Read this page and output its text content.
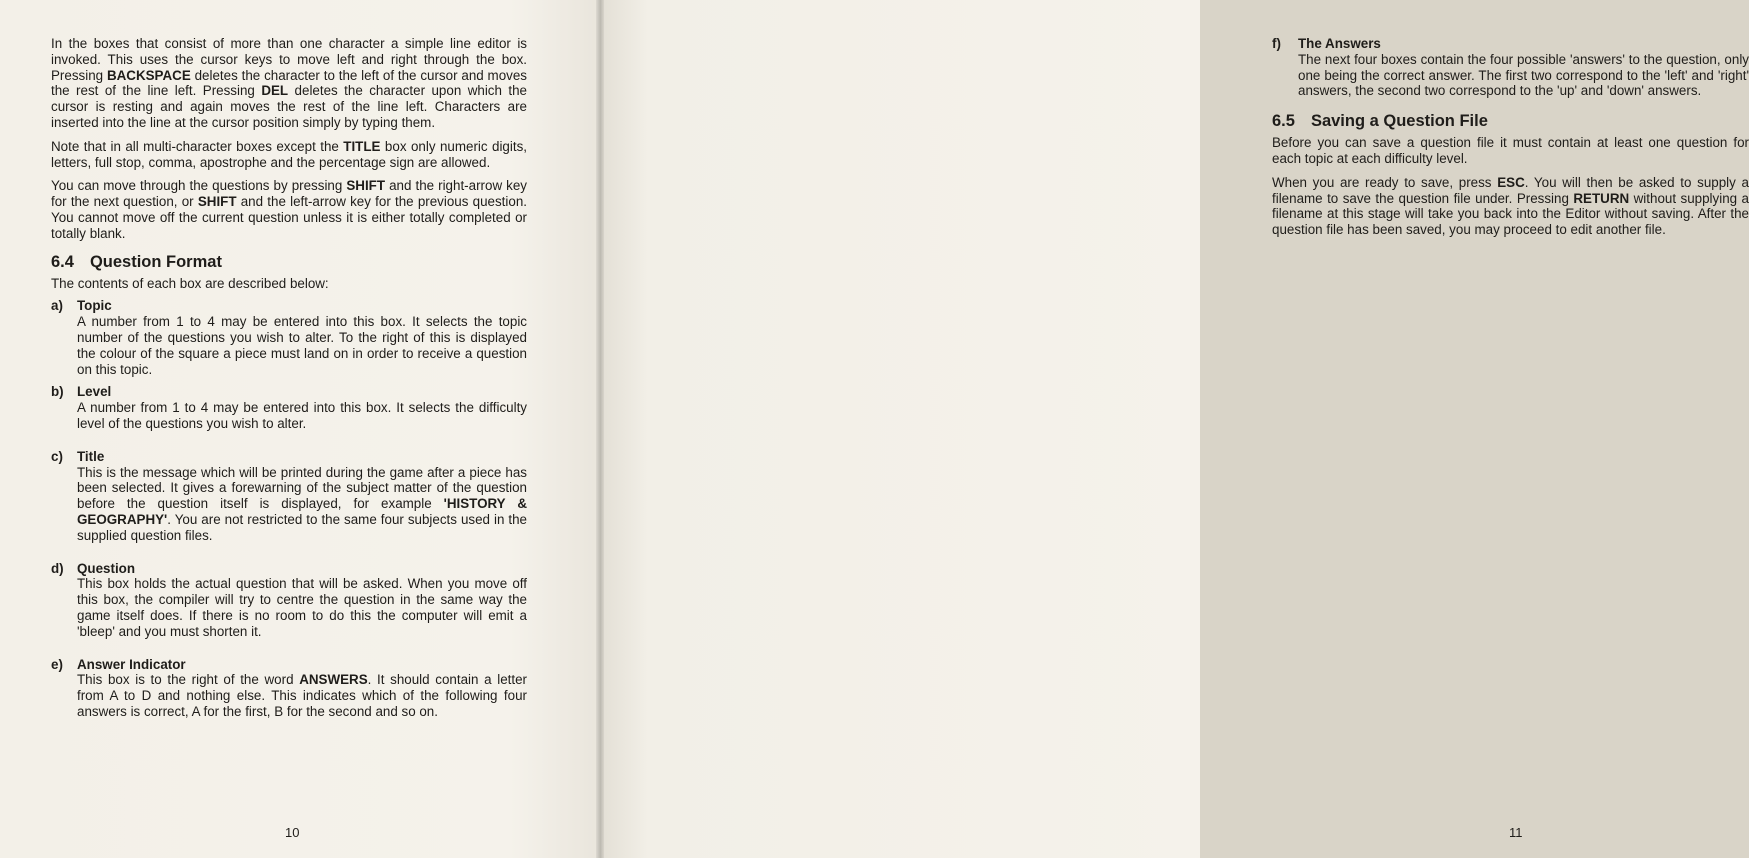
In the boxes that consist of more than one character a simple line editor is invoked. This uses the cursor keys to move left and right through the box. Pressing BACKSPACE deletes the character to the left of the cursor and moves the rest of the line left. Pressing DEL deletes the character upon which the cursor is resting and again moves the rest of the line left. Characters are inserted into the line at the cursor position simply by typing them.

Note that in all multi-character boxes except the TITLE box only numeric digits, letters, full stop, comma, apostrophe and the percentage sign are allowed.

You can move through the questions by pressing SHIFT and the right-arrow key for the next question, or SHIFT and the left-arrow key for the previous question. You cannot move off the current question unless it is either totally completed or totally blank.

6.4 Question Format

The contents of each box are described below:

a)	Topic

A number from 1 to 4 may be entered into this box. It selects the topic number of the questions you wish to alter. To the right of this is displayed the colour of the square a piece must land on in order to receive a question on this topic.

b) Level

A number from 1 to 4 may be entered into this box. It selects the difficulty level of the questions you wish to alter.

c)	Title

This is the message which will be printed during the game after a piece has been selected. It gives a forewarning of the subject matter of the question before the question itself is displayed, for example 'HISTORY & GEOGRAPHY'. You are not restricted to the same four subjects used in the supplied question files.

d) Question

This box holds the actual question that will be asked. When you move off this box, the compiler will try to centre the question in the same way the game itself does. If there is no room to do this the computer will emit a 'bleep' and you must shorten it.

e)	Answer Indicator

This box is to the right of the word ANSWERS. It should contain a letter from A to D and nothing else. This indicates which of the following four answers is correct, A for the first, B for the second and so on.

10
f)	The Answers

The next four boxes contain the four possible 'answers' to the question, only one being the correct answer. The first two correspond to the 'left' and 'right' answers, the second two correspond to the 'up' and 'down' answers.

6.5 Saving a Question File

Before you can save a question file it must contain at least one question for each topic at each difficulty level.

When you are ready to save, press ESC. You will then be asked to supply a filename to save the question file under. Pressing RETURN without supplying a filename at this stage will take you back into the Editor without saving. After the question file has been saved, you may proceed to edit another file.

11
